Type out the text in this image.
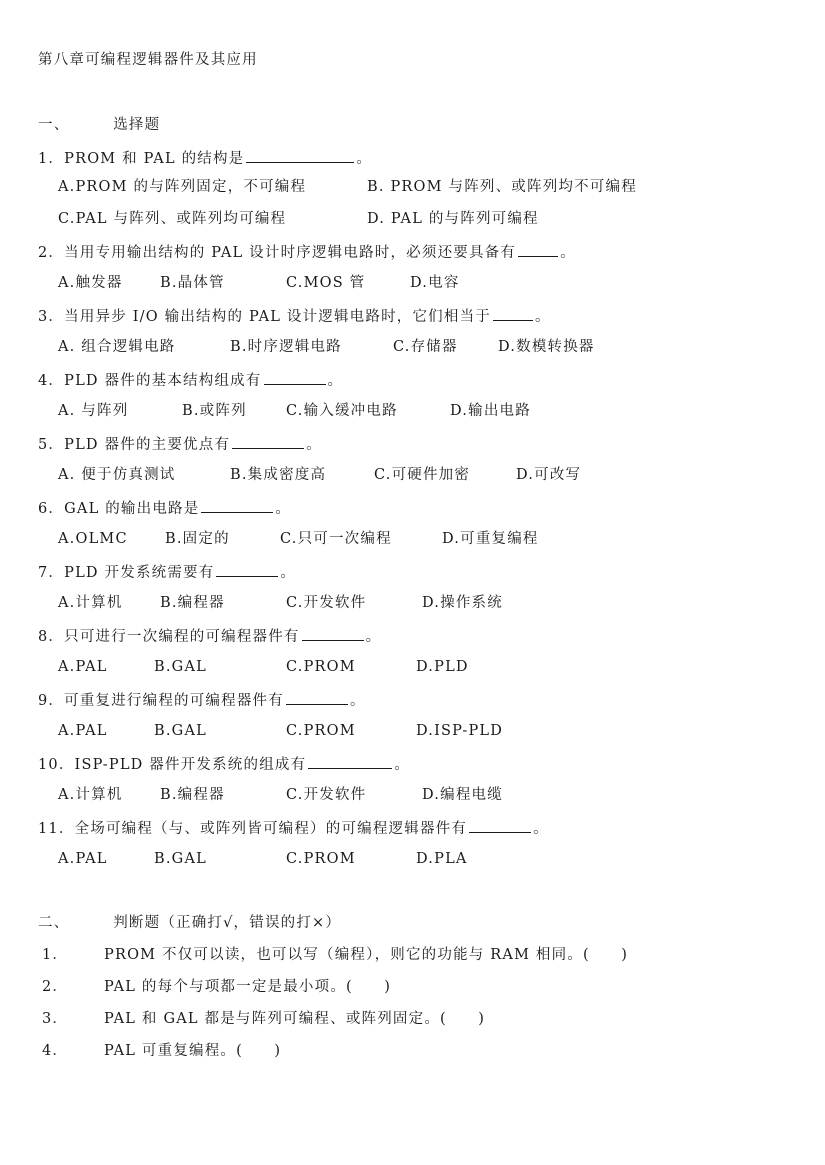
第八章可编程逻辑器件及其应用
一、	选择题
1．PROM 和 PAL 的结构是	。
A.PROM 的与阵列固定，不可编程	B. PROM 与阵列、或阵列均不可编程
C.PAL 与阵列、或阵列均可编程	D. PAL 的与阵列可编程
2．当用专用输出结构的 PAL 设计时序逻辑电路时，必须还要具备有	。
A.触发器	B.晶体管	C.MOS 管	D.电容
3．当用异步 I/O 输出结构的 PAL 设计逻辑电路时，它们相当于	。
A. 组合逻辑电路	B.时序逻辑电路	C.存储器	D.数模转换器
4．PLD 器件的基本结构组成有	。
A. 与阵列	B.或阵列	C.输入缓冲电路	D.输出电路
5．PLD 器件的主要优点有	。
A. 便于仿真测试	B.集成密度高	C.可硬件加密	D.可改写
6．GAL 的输出电路是	。
A.OLMC	B.固定的	C.只可一次编程	D.可重复编程
7．PLD 开发系统需要有	。
A.计算机	B.编程器	C.开发软件	D.操作系统
8．只可进行一次编程的可编程器件有	。
A.PAL	B.GAL	C.PROM	D.PLD
9．可重复进行编程的可编程器件有	。
A.PAL	B.GAL	C.PROM	D.ISP-PLD
10．ISP-PLD 器件开发系统的组成有	。
A.计算机	B.编程器	C.开发软件	D.编程电缆
11．全场可编程（与、或阵列皆可编程）的可编程逻辑器件有	。
A.PAL	B.GAL	C.PROM	D.PLA
二、	判断题（正确打√，错误的打×）
1． PROM 不仅可以读，也可以写（编程），则它的功能与 RAM 相同。(　　)
2． PAL 的每个与项都一定是最小项。(　　)
3． PAL 和 GAL 都是与阵列可编程、或阵列固定。(　　)
4． PAL 可重复编程。(　　)
